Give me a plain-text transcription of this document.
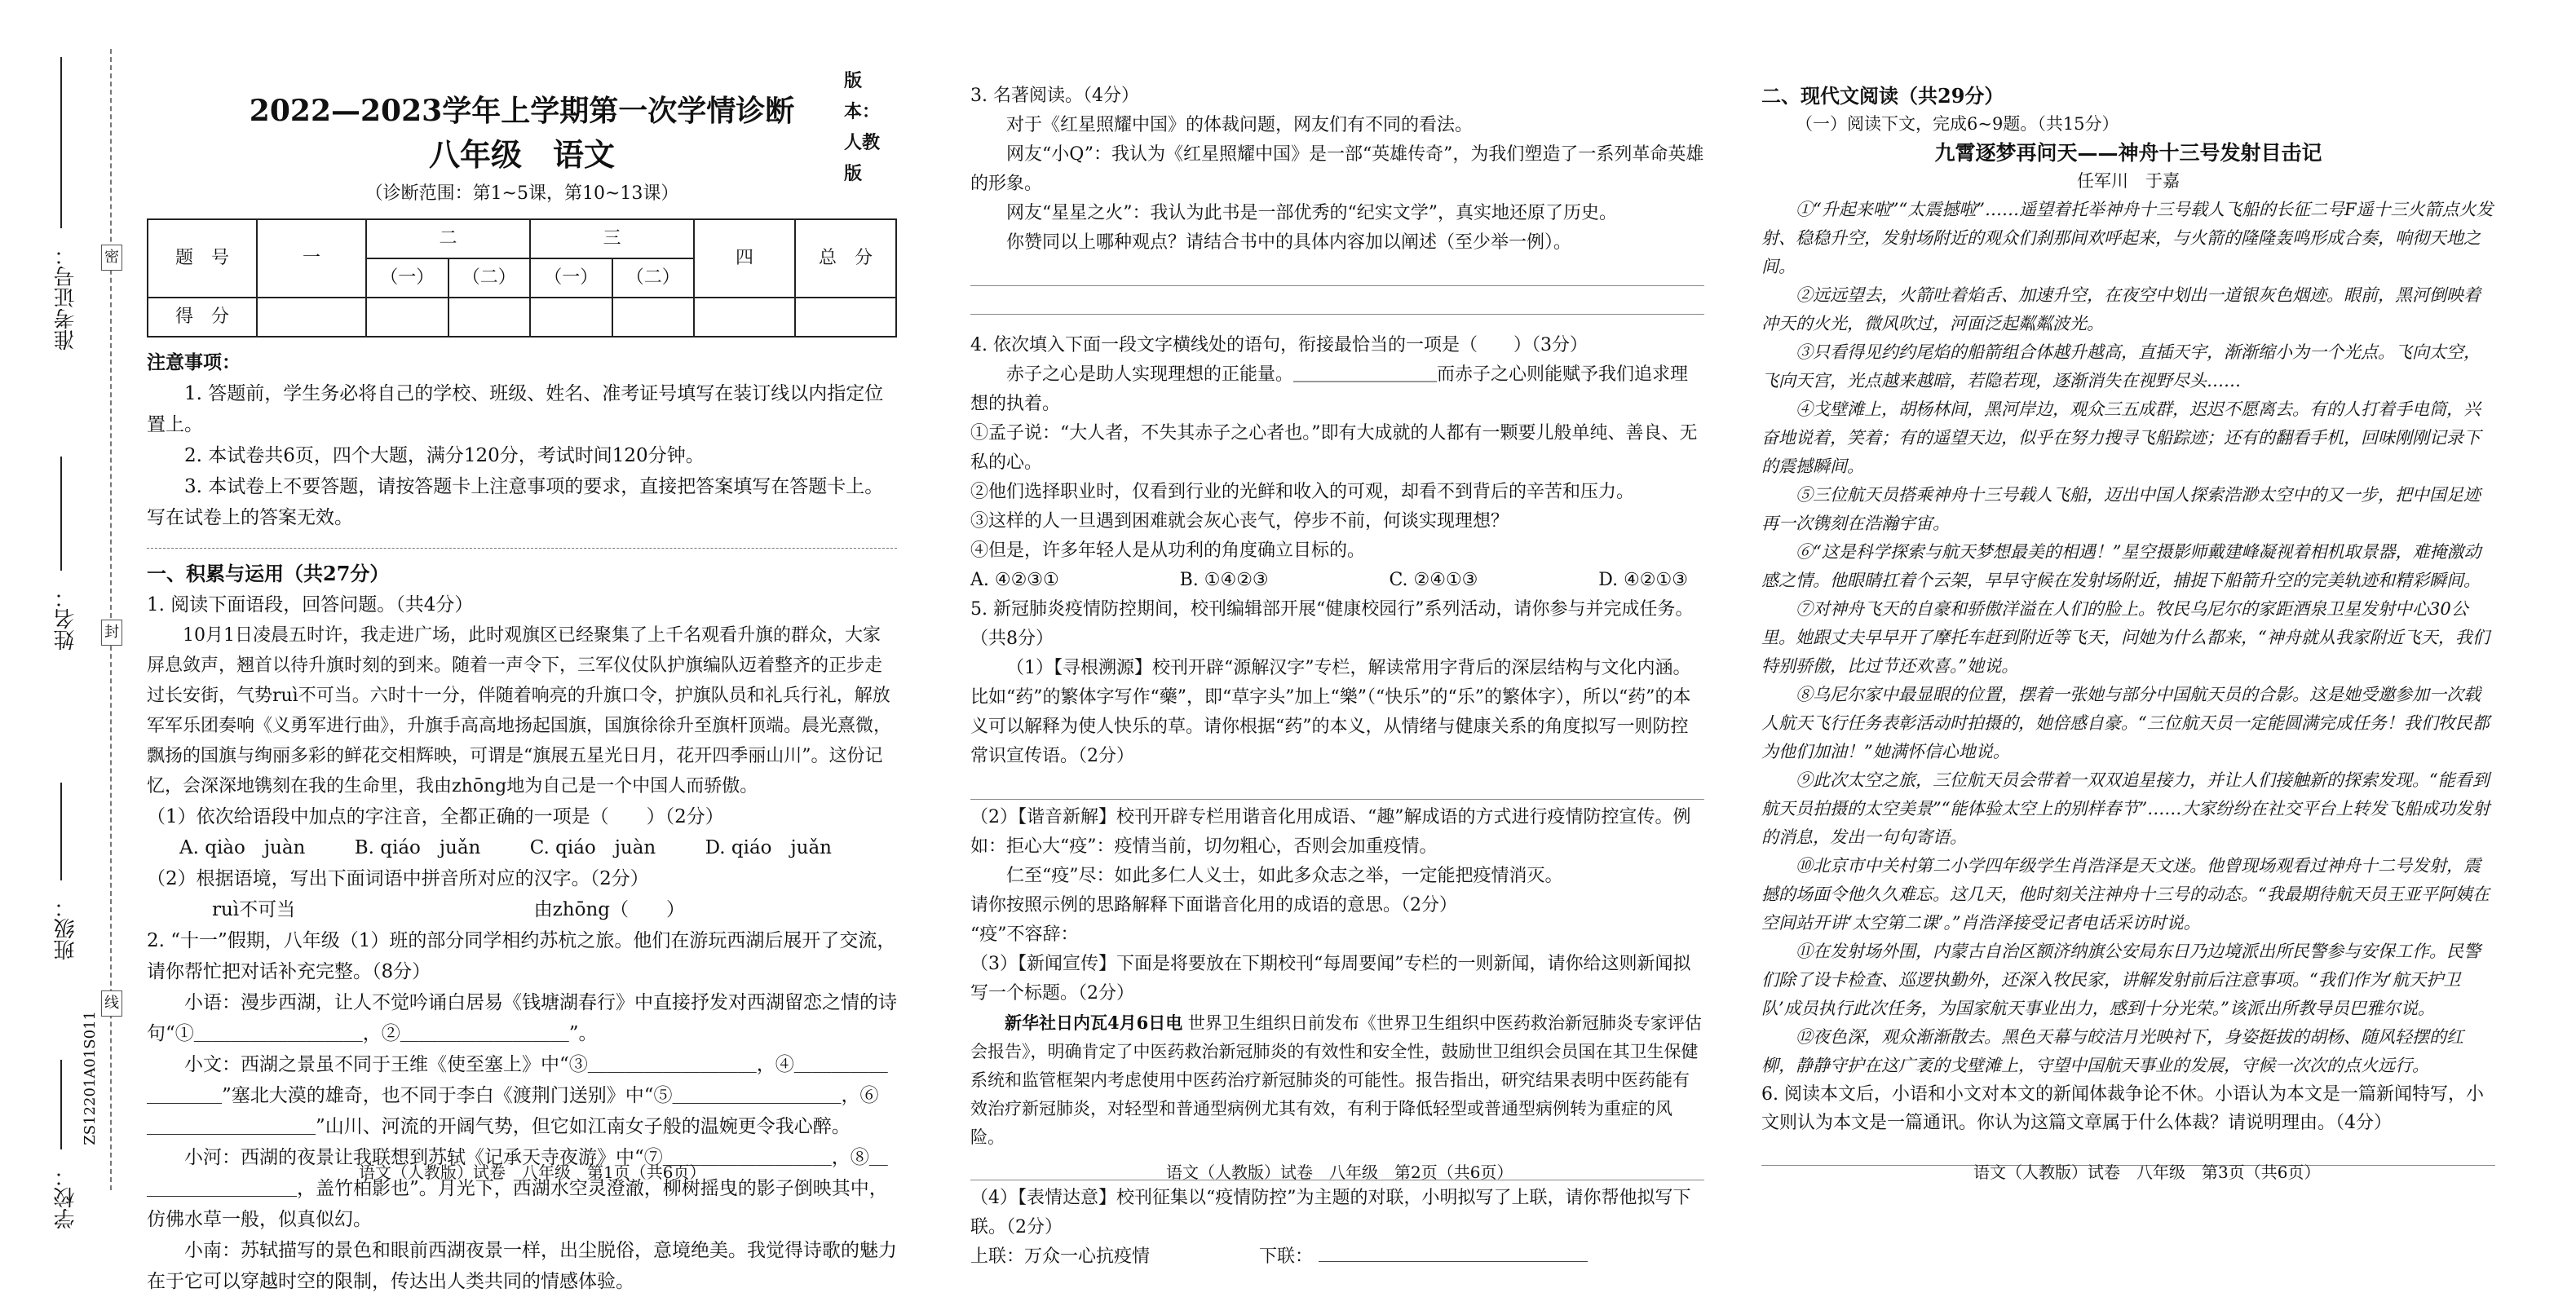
准考证号：
姓名：
班级：
学校：
ZS12201A01S011
密
封
线
版本：人教版

2022—2023学年上学期第一次学情诊断

八年级　语文

（诊断范围：第1~5课，第10~13课）

题　号	一	二		三		四	总　分
		（一）	（二）	（一）	（二）		
得　分							

注意事项：

1. 答题前，学生务必将自己的学校、班级、姓名、准考证号填写在装订线以内指定位置上。

2. 本试卷共6页，四个大题，满分120分，考试时间120分钟。

3. 本试卷上不要答题，请按答题卡上注意事项的要求，直接把答案填写在答题卡上。写在试卷上的答案无效。

一、积累与运用（共27分）

1. 阅读下面语段，回答问题。（共4分）

10月1日凌晨五时许，我走进广场，此时观旗区已经聚集了上千名观看升旗的群众，大家屏息敛声，翘首以待升旗时刻的到来。随着一声令下，三军仪仗队护旗编队迈着整齐的正步走过长安街，气势ruì不可当。六时十一分，伴随着响亮的升旗口令，护旗队员和礼兵行礼，解放军军乐团奏响《义勇军进行曲》，升旗手高高地扬起国旗，国旗徐徐升至旗杆顶端。晨光熹微，飘扬的国旗与绚丽多彩的鲜花交相辉映，可谓是“旗展五星光日月，花开四季丽山川”。这份记忆，会深深地镌刻在我的生命里，我由zhōng地为自己是一个中国人而骄傲。

（1）依次给语段中加点的字注音，全都正确的一项是（　　）（2分）

A. qiào　juàn	B. qiáo　juǎn	C. qiáo　juàn	D. qiáo　juǎn

（2）根据语境，写出下面词语中拼音所对应的汉字。（2分）

ruì不可当	由zhōng（　　）

2. “十一”假期，八年级（1）班的部分同学相约苏杭之旅。他们在游玩西湖后展开了交流，请你帮忙把对话补充完整。（8分）

小语：漫步西湖，让人不觉吟诵白居易《钱塘湖春行》中直接抒发对西湖留恋之情的诗句“①＿＿＿＿＿＿＿＿＿，②＿＿＿＿＿＿＿＿＿”。

小文：西湖之景虽不同于王维《使至塞上》中“③＿＿＿＿＿＿＿＿＿，④＿＿＿＿＿＿＿＿＿”塞北大漠的雄奇，也不同于李白《渡荆门送别》中“⑤＿＿＿＿＿＿＿＿＿，⑥＿＿＿＿＿＿＿＿＿”山川、河流的开阔气势，但它如江南女子般的温婉更令我心醉。

小河：西湖的夜景让我联想到苏轼《记承天寺夜游》中“⑦＿＿＿＿＿＿＿＿＿，⑧＿＿＿＿＿＿＿＿＿，盖竹柏影也”。月光下，西湖水空灵澄澈，柳树摇曳的影子倒映其中，仿佛水草一般，似真似幻。

小南：苏轼描写的景色和眼前西湖夜景一样，出尘脱俗，意境绝美。我觉得诗歌的魅力在于它可以穿越时空的限制，传达出人类共同的情感体验。

语文（人教版）试卷　八年级　第1页（共6页）

3. 名著阅读。（4分）

对于《红星照耀中国》的体裁问题，网友们有不同的看法。

网友“小Q”：我认为《红星照耀中国》是一部“英雄传奇”，为我们塑造了一系列革命英雄的形象。

网友“星星之火”：我认为此书是一部优秀的“纪实文学”，真实地还原了历史。

你赞同以上哪种观点？请结合书中的具体内容加以阐述（至少举一例）。

4. 依次填入下面一段文字横线处的语句，衔接最恰当的一项是（　　）（3分）

赤子之心是助人实现理想的正能量。＿＿＿＿＿＿＿＿而赤子之心则能赋予我们追求理想的执着。

①孟子说：“大人者，不失其赤子之心者也。”即有大成就的人都有一颗要儿般单纯、善良、无私的心。

②他们选择职业时，仅看到行业的光鲜和收入的可观，却看不到背后的辛苦和压力。

③这样的人一旦遇到困难就会灰心丧气，停步不前，何谈实现理想？

④但是，许多年轻人是从功利的角度确立目标的。

A. ④②③①	B. ①④②③	C. ②④①③	D. ④②①③

5. 新冠肺炎疫情防控期间，校刊编辑部开展“健康校园行”系列活动，请你参与并完成任务。（共8分）

（1）【寻根溯源】校刊开辟“源解汉字”专栏，解读常用字背后的深层结构与文化内涵。比如“药”的繁体字写作“藥”，即“草字头”加上“樂”（“快乐”的“乐”的繁体字），所以“药”的本义可以解释为使人快乐的草。请你根据“药”的本义，从情绪与健康关系的角度拟写一则防控常识宣传语。（2分）

（2）【谐音新解】校刊开辟专栏用谐音化用成语、“趣”解成语的方式进行疫情防控宣传。例如：拒心大“疫”：疫情当前，切勿粗心，否则会加重疫情。

仁至“疫”尽：如此多仁人义士，如此多众志之举，一定能把疫情消灭。

请你按照示例的思路解释下面谐音化用的成语的意思。（2分）

“疫”不容辞：

（3）【新闻宣传】下面是将要放在下期校刊“每周要闻”专栏的一则新闻，请你给这则新闻拟写一个标题。（2分）

新华社日内瓦4月6日电 世界卫生组织日前发布《世界卫生组织中医药救治新冠肺炎专家评估会报告》，明确肯定了中医药救治新冠肺炎的有效性和安全性，鼓励世卫组织会员国在其卫生保健系统和监管框架内考虑使用中医药治疗新冠肺炎的可能性。报告指出，研究结果表明中医药能有效治疗新冠肺炎，对轻型和普通型病例尤其有效，有利于降低轻型或普通型病例转为重症的风险。

（4）【表情达意】校刊征集以“疫情防控”为主题的对联，小明拟写了上联，请你帮他拟写下联。（2分）

上联：万众一心抗疫情	下联：

语文（人教版）试卷　八年级　第2页（共6页）

二、现代文阅读（共29分）

（一）阅读下文，完成6~9题。（共15分）

九霄逐梦再问天——神舟十三号发射目击记

任军川　于嘉

①“升起来啦”“太震撼啦”……遥望着托举神舟十三号载人飞船的长征二号F遥十三火箭点火发射、稳稳升空，发射场附近的观众们刹那间欢呼起来，与火箭的隆隆轰鸣形成合奏，响彻天地之间。

②远远望去，火箭吐着焰舌、加速升空，在夜空中划出一道银灰色烟迹。眼前，黑河倒映着冲天的火光，微风吹过，河面泛起粼粼波光。

③只看得见约约尾焰的船箭组合体越升越高，直插天宇，渐渐缩小为一个光点。飞向太空，飞向天宫，光点越来越暗，若隐若现，逐渐消失在视野尽头……

④戈壁滩上，胡杨林间，黑河岸边，观众三五成群，迟迟不愿离去。有的人打着手电筒，兴奋地说着，笑着；有的遥望天边，似乎在努力搜寻飞船踪迹；还有的翻看手机，回味刚刚记录下的震撼瞬间。

⑤三位航天员搭乘神舟十三号载人飞船，迈出中国人探索浩渺太空中的又一步，把中国足迹再一次镌刻在浩瀚宇宙。

⑥“这是科学探索与航天梦想最美的相遇！”星空摄影师戴建峰凝视着相机取景器，难掩激动感之情。他眼睛扛着个云架，早早守候在发射场附近，捕捉下船箭升空的完美轨迹和精彩瞬间。

⑦对神舟飞天的自豪和骄傲洋溢在人们的脸上。牧民乌尼尔的家距酒泉卫星发射中心30公里。她跟丈夫早早开了摩托车赶到附近等飞天，问她为什么都来，“神舟就从我家附近飞天，我们特别骄傲，比过节还欢喜。”她说。

⑧乌尼尔家中最显眼的位置，摆着一张她与部分中国航天员的合影。这是她受邀参加一次载人航天飞行任务表彰活动时拍摄的，她倍感自豪。“三位航天员一定能圆满完成任务！我们牧民都为他们加油！”她满怀信心地说。

⑨此次太空之旅，三位航天员会带着一双双追星接力，并让人们接触新的探索发现。“能看到航天员拍摄的太空美景”“能体验太空上的别样春节”……大家纷纷在社交平台上转发飞船成功发射的消息，发出一句句寄语。

⑩北京市中关村第二小学四年级学生肖浩泽是天文迷。他曾现场观看过神舟十二号发射，震撼的场面令他久久难忘。这几天，他时刻关注神舟十三号的动态。“我最期待航天员王亚平阿姨在空间站开讲‘太空第二课’。”肖浩泽接受记者电话采访时说。

⑪在发射场外围，内蒙古自治区额济纳旗公安局东日乃边境派出所民警参与安保工作。民警们除了设卡检查、巡逻执勤外，还深入牧民家，讲解发射前后注意事项。“我们作为‘航天护卫队’成员执行此次任务，为国家航天事业出力，感到十分光荣。”该派出所教导员巴雅尔说。

⑫夜色深，观众渐渐散去。黑色天幕与皎洁月光映衬下，身姿挺拔的胡杨、随风轻摆的红柳，静静守护在这广袤的戈壁滩上，守望中国航天事业的发展，守候一次次的点火远行。

6. 阅读本文后，小语和小文对本文的新闻体裁争论不休。小语认为本文是一篇新闻特写，小文则认为本文是一篇通讯。你认为这篇文章属于什么体裁？请说明理由。（4分）

语文（人教版）试卷　八年级　第3页（共6页）
